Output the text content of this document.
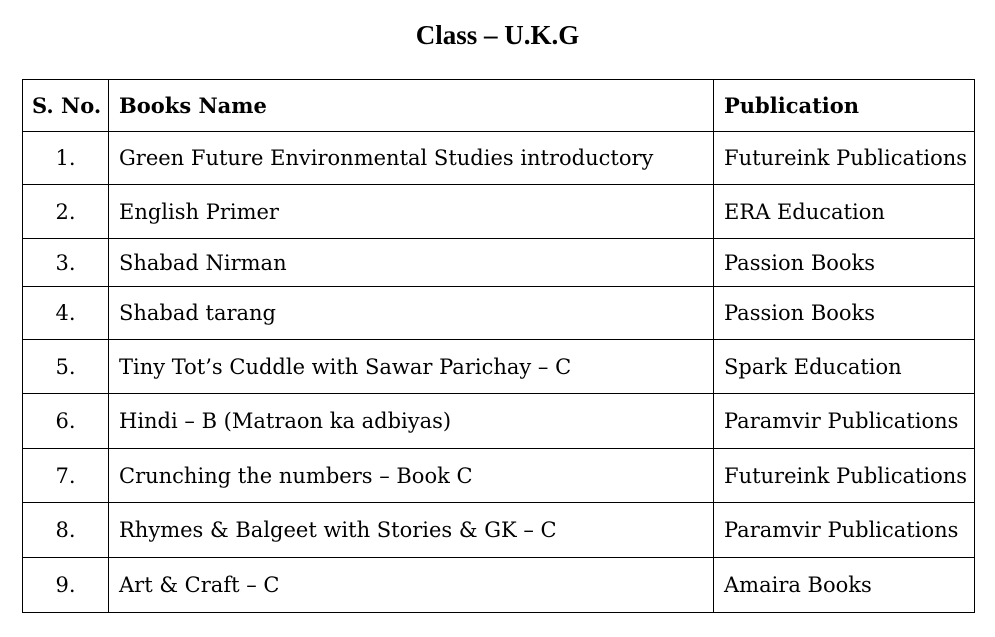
Class – U.K.G
S. No.	Books Name	Publication
1.	Green Future Environmental Studies introductory	Futureink Publications
2.	English Primer	ERA Education
3.	Shabad Nirman	Passion Books
4.	Shabad tarang	Passion Books
5.	Tiny Tot’s Cuddle with Sawar Parichay – C	Spark Education
6.	Hindi – B (Matraon ka adbiyas)	Paramvir Publications
7.	Crunching the numbers – Book C	Futureink Publications
8.	Rhymes & Balgeet with Stories & GK – C	Paramvir Publications
9.	Art & Craft – C	Amaira Books
